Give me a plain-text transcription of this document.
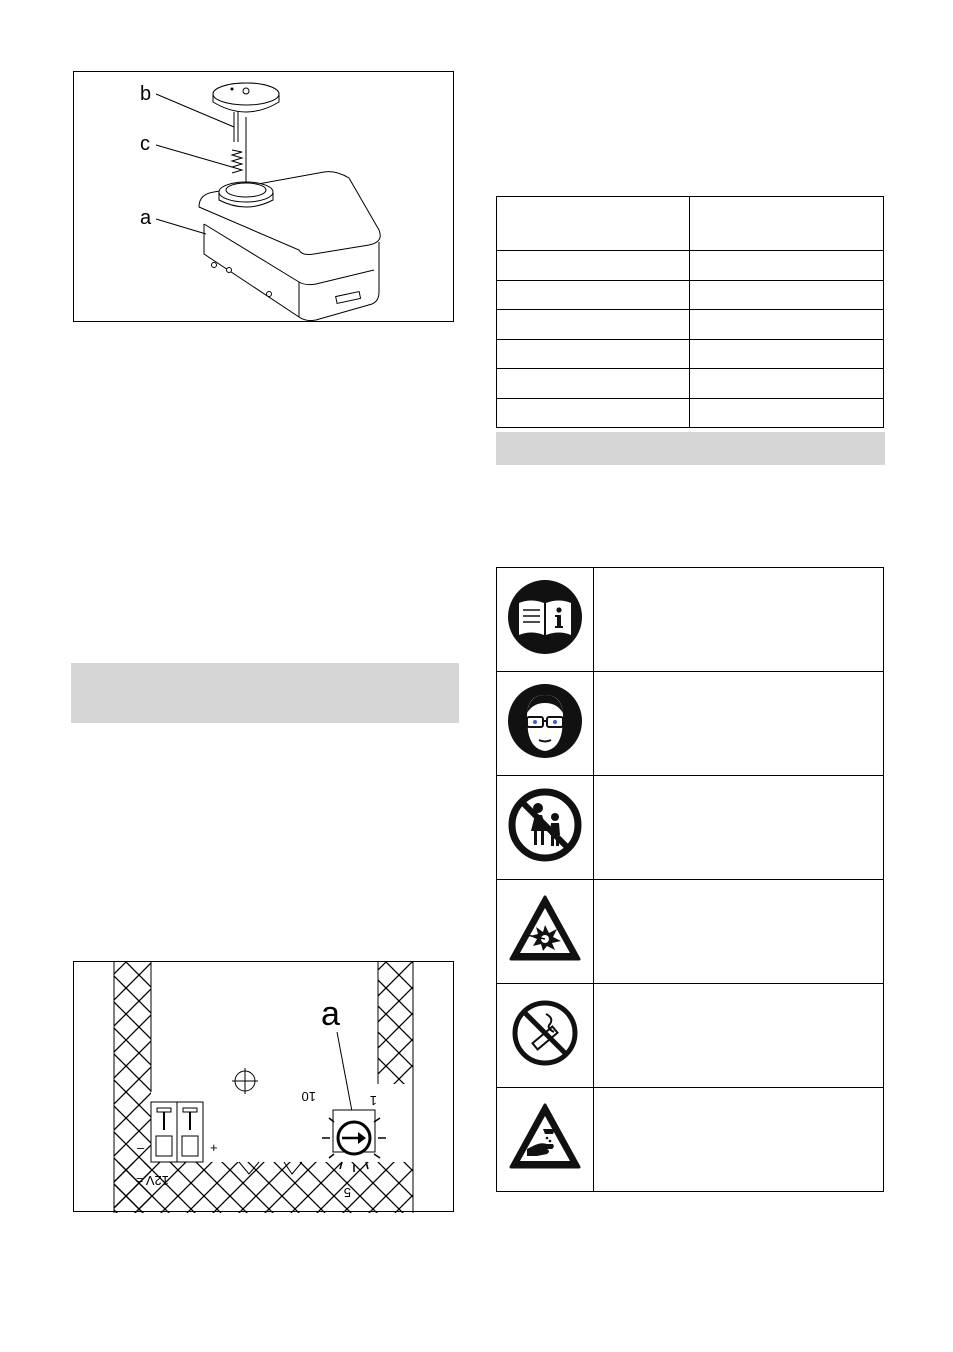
b
c
a
a
10	1
5
–	+
12V
=
